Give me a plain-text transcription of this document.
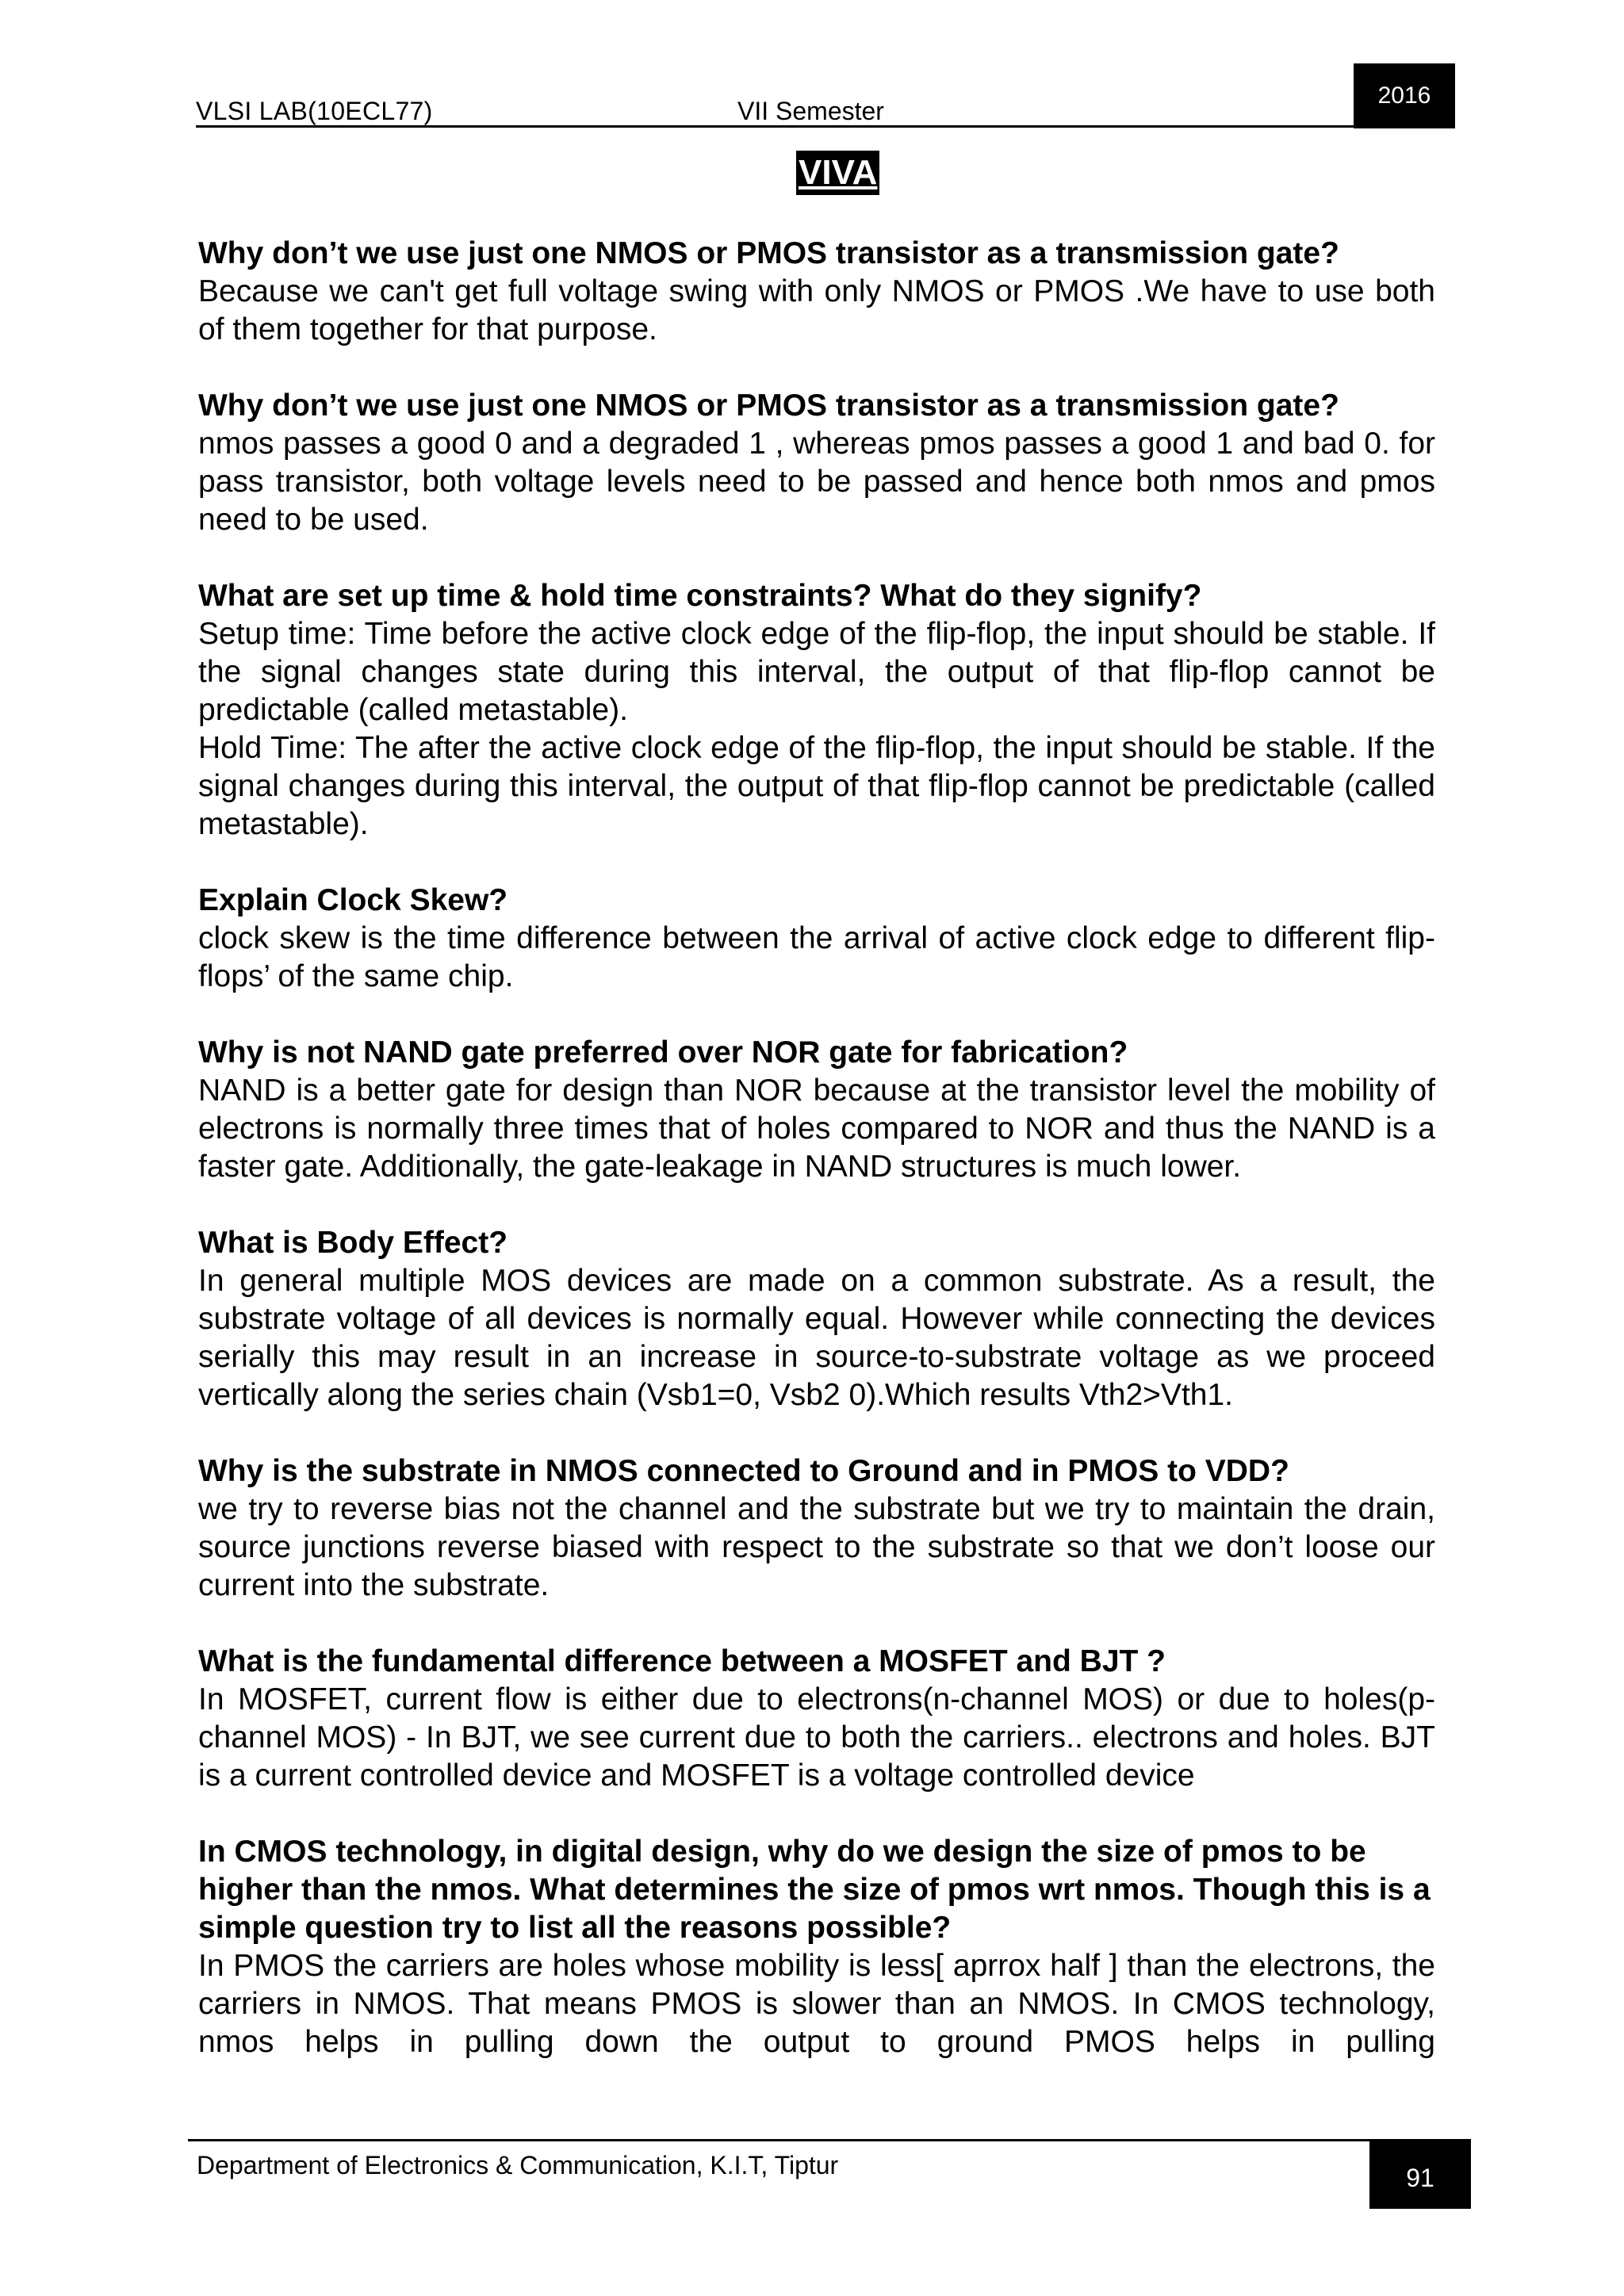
VLSI LAB(10ECL77)	VII Semester
2016
VIVA

Why don’t we use just one NMOS or PMOS transistor as a transmission gate?

Because we can't get full voltage swing with only NMOS or PMOS .We have to use both of them together for that purpose.

Why don’t we use just one NMOS or PMOS transistor as a transmission gate?

nmos passes a good 0 and a degraded 1 , whereas pmos passes a good 1 and bad 0. for pass transistor, both voltage levels need to be passed and hence both nmos and pmos need to be used.

What are set up time & hold time constraints? What do they signify?

Setup time: Time before the active clock edge of the flip-flop, the input should be stable. If the signal changes state during this interval, the output of that flip-flop cannot be predictable (called metastable).

Hold Time: The after the active clock edge of the flip-flop, the input should be stable. If the signal changes during this interval, the output of that flip-flop cannot be predictable (called metastable).

Explain Clock Skew?

clock skew is the time difference between the arrival of active clock edge to different flip-flops’ of the same chip.

Why is not NAND gate preferred over NOR gate for fabrication?

NAND is a better gate for design than NOR because at the transistor level the mobility of electrons is normally three times that of holes compared to NOR and thus the NAND is a faster gate. Additionally, the gate-leakage in NAND structures is much lower.

What is Body Effect?

In general multiple MOS devices are made on a common substrate. As a result, the substrate voltage of all devices is normally equal. However while connecting the devices serially this may result in an increase in source-to-substrate voltage as we proceed vertically along the series chain (Vsb1=0, Vsb2 0).Which results Vth2>Vth1.

Why is the substrate in NMOS connected to Ground and in PMOS to VDD?

we try to reverse bias not the channel and the substrate but we try to maintain the drain, source junctions reverse biased with respect to the substrate so that we don’t loose our current into the substrate.

What is the fundamental difference between a MOSFET and BJT ?

In MOSFET, current flow is either due to electrons(n-channel MOS) or due to holes(p-channel MOS) - In BJT, we see current due to both the carriers.. electrons and holes. BJT is a current controlled device and MOSFET is a voltage controlled device

In CMOS technology, in digital design, why do we design the size of pmos to be higher than the nmos. What determines the size of pmos wrt nmos. Though this is a simple question try to list all the reasons possible?

In PMOS the carriers are holes whose mobility is less[ aprrox half ] than the electrons, the carriers in NMOS. That means PMOS is slower than an NMOS. In CMOS technology, nmos helps in pulling down the output to ground PMOS helps in pulling

Department of Electronics & Communication, K.I.T, Tiptur	91
